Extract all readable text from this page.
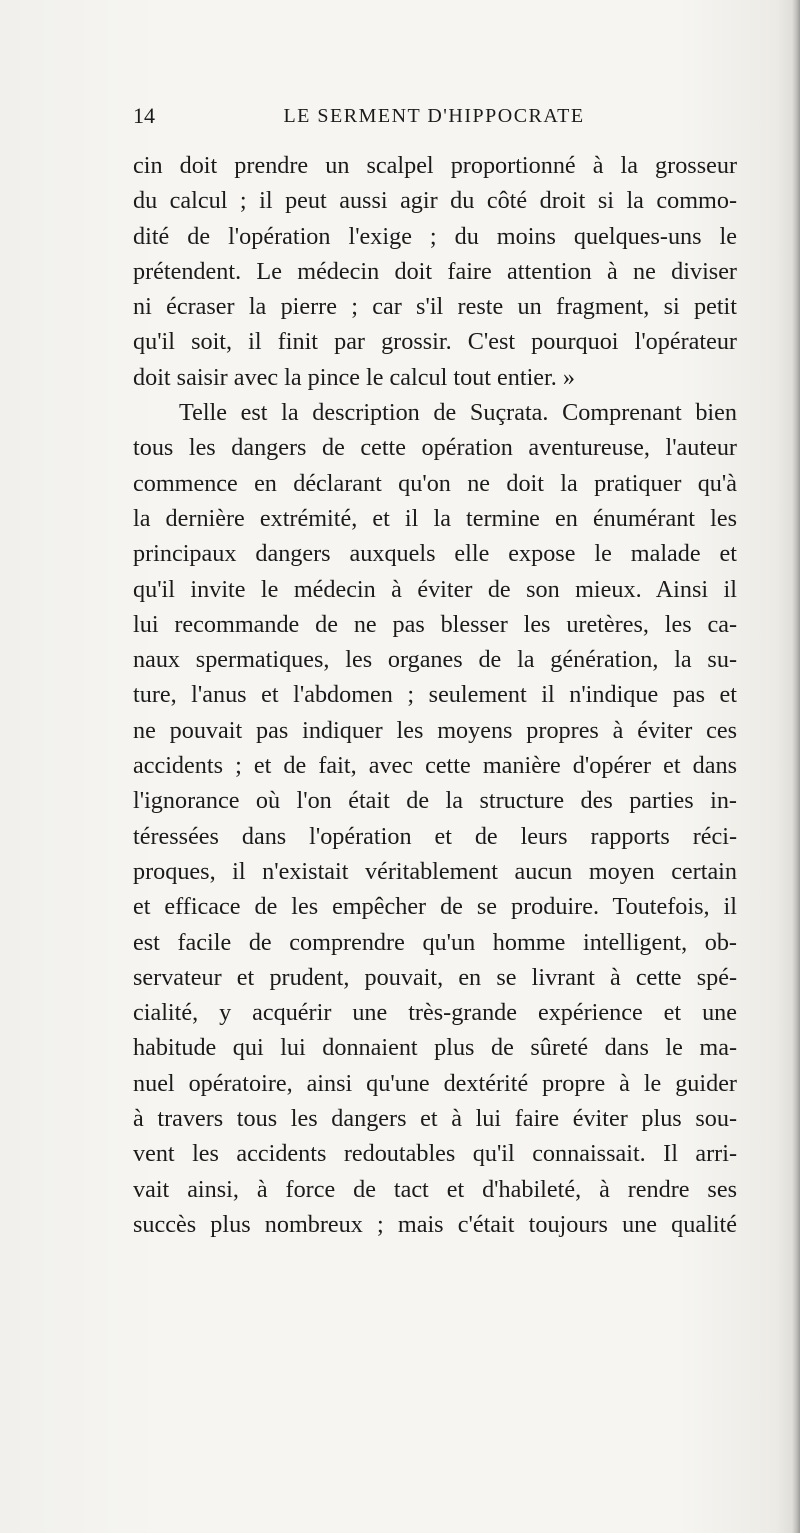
14	LE SERMENT D'HIPPOCRATE
cin doit prendre un scalpel proportionné à la grosseur
du calcul ; il peut aussi agir du côté droit si la commo-
dité de l'opération l'exige ; du moins quelques-uns le
prétendent. Le médecin doit faire attention à ne diviser
ni écraser la pierre ; car s'il reste un fragment, si petit
qu'il soit, il finit par grossir. C'est pourquoi l'opérateur
doit saisir avec la pince le calcul tout entier. »
Telle est la description de Suçrata. Comprenant bien
tous les dangers de cette opération aventureuse, l'auteur
commence en déclarant qu'on ne doit la pratiquer qu'à
la dernière extrémité, et il la termine en énumérant les
principaux dangers auxquels elle expose le malade et
qu'il invite le médecin à éviter de son mieux. Ainsi il
lui recommande de ne pas blesser les uretères, les ca-
naux spermatiques, les organes de la génération, la su-
ture, l'anus et l'abdomen ; seulement il n'indique pas et
ne pouvait pas indiquer les moyens propres à éviter ces
accidents ; et de fait, avec cette manière d'opérer et dans
l'ignorance où l'on était de la structure des parties in-
téressées dans l'opération et de leurs rapports réci-
proques, il n'existait véritablement aucun moyen certain
et efficace de les empêcher de se produire. Toutefois, il
est facile de comprendre qu'un homme intelligent, ob-
servateur et prudent, pouvait, en se livrant à cette spé-
cialité, y acquérir une très-grande expérience et une
habitude qui lui donnaient plus de sûreté dans le ma-
nuel opératoire, ainsi qu'une dextérité propre à le guider
à travers tous les dangers et à lui faire éviter plus sou-
vent les accidents redoutables qu'il connaissait. Il arri-
vait ainsi, à force de tact et d'habileté, à rendre ses
succès plus nombreux ; mais c'était toujours une qualité
